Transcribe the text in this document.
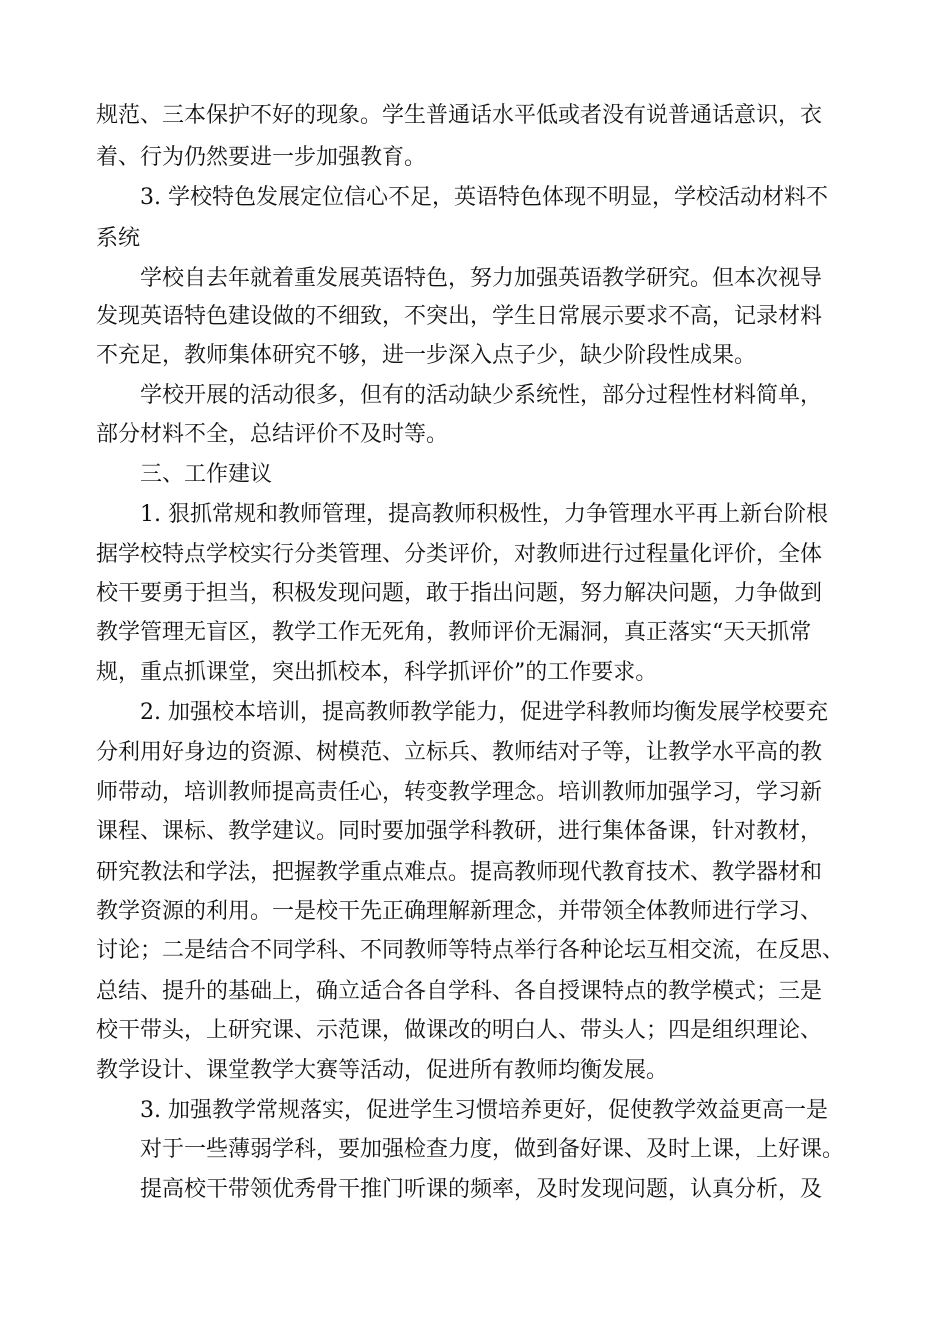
规范、三本保护不好的现象。学生普通话水平低或者没有说普通话意识，衣
着、行为仍然要进一步加强教育。
3. 学校特色发展定位信心不足，英语特色体现不明显，学校活动材料不
系统
学校自去年就着重发展英语特色，努力加强英语教学研究。但本次视导
发现英语特色建设做的不细致，不突出，学生日常展示要求不高，记录材料
不充足，教师集体研究不够，进一步深入点子少，缺少阶段性成果。
学校开展的活动很多，但有的活动缺少系统性，部分过程性材料简单，
部分材料不全，总结评价不及时等。
三、工作建议
1. 狠抓常规和教师管理，提高教师积极性，力争管理水平再上新台阶根
据学校特点学校实行分类管理、分类评价，对教师进行过程量化评价，全体
校干要勇于担当，积极发现问题，敢于指出问题，努力解决问题，力争做到
教学管理无盲区，教学工作无死角，教师评价无漏洞，真正落实“天天抓常
规，重点抓课堂，突出抓校本，科学抓评价”的工作要求。
2. 加强校本培训，提高教师教学能力，促进学科教师均衡发展学校要充
分利用好身边的资源、树模范、立标兵、教师结对子等，让教学水平高的教
师带动，培训教师提高责任心，转变教学理念。培训教师加强学习，学习新
课程、课标、教学建议。同时要加强学科教研，进行集体备课，针对教材，
研究教法和学法，把握教学重点难点。提高教师现代教育技术、教学器材和
教学资源的利用。一是校干先正确理解新理念，并带领全体教师进行学习、
讨论；二是结合不同学科、不同教师等特点举行各种论坛互相交流，在反思、
总结、提升的基础上，确立适合各自学科、各自授课特点的教学模式；三是
校干带头，上研究课、示范课，做课改的明白人、带头人；四是组织理论、
教学设计、课堂教学大赛等活动，促进所有教师均衡发展。
3. 加强教学常规落实，促进学生习惯培养更好，促使教学效益更高一是
对于一些薄弱学科，要加强检查力度，做到备好课、及时上课，上好课。
提高校干带领优秀骨干推门听课的频率，及时发现问题，认真分析，及
